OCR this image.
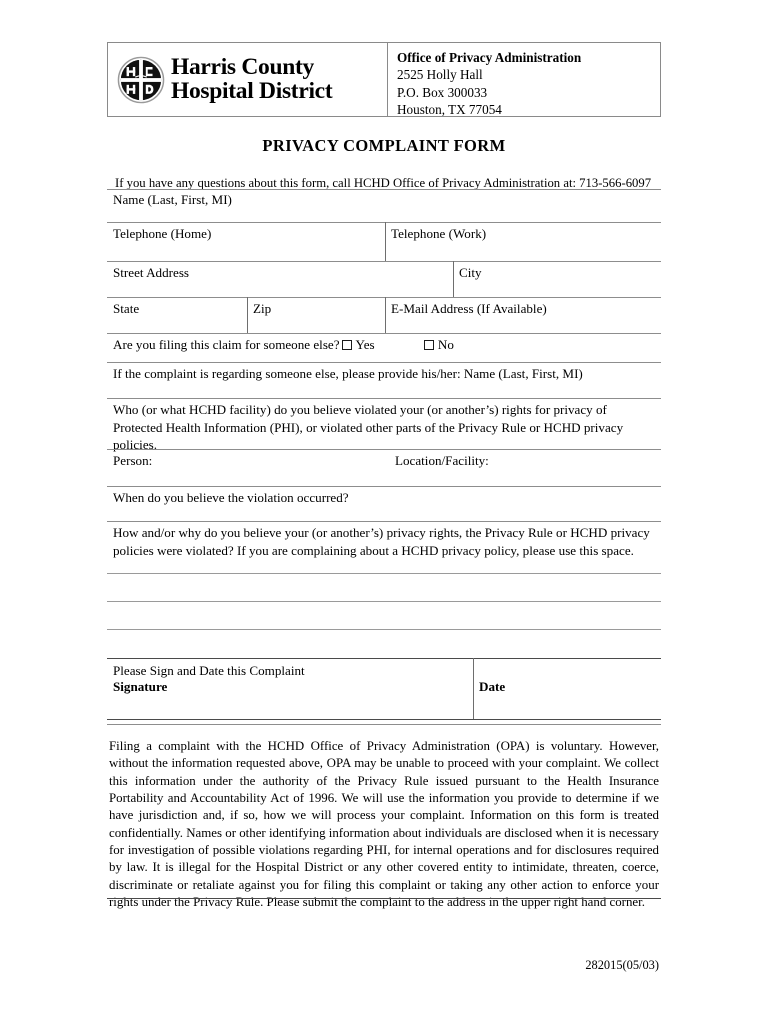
Harris County
Hospital District
Office of Privacy Administration
2525 Holly Hall
P.O. Box 300033
Houston, TX 77054
PRIVACY COMPLAINT FORM
If you have any questions about this form, call HCHD Office of Privacy Administration at: 713-566-6097
Name (Last, First, MI)
Telephone (Home)	Telephone (Work)
Street Address	City
State	Zip	E-Mail Address (If Available)
Are you filing this claim for someone else? Yes	No
If the complaint is regarding someone else, please provide his/her: Name (Last, First, MI)
Who (or what HCHD facility) do you believe violated your (or another’s) rights for privacy of Protected Health Information (PHI), or violated other parts of the Privacy Rule or HCHD privacy policies.
Person:	Location/Facility:
When do you believe the violation occurred?
How and/or why do you believe your (or another’s) privacy rights, the Privacy Rule or HCHD privacy policies were violated? If you are complaining about a HCHD privacy policy, please use this space.
Please Sign and Date this Complaint
Signature	Date
Filing a complaint with the HCHD Office of Privacy Administration (OPA) is voluntary. However, without the information requested above, OPA may be unable to proceed with your complaint. We collect this information under the authority of the Privacy Rule issued pursuant to the Health Insurance Portability and Accountability Act of 1996. We will use the information you provide to determine if we have jurisdiction and, if so, how we will process your complaint. Information on this form is treated confidentially. Names or other identifying information about individuals are disclosed when it is necessary for investigation of possible violations regarding PHI, for internal operations and for disclosures required by law. It is illegal for the Hospital District or any other covered entity to intimidate, threaten, coerce, discriminate or retaliate against you for filing this complaint or taking any other action to enforce your rights under the Privacy Rule. Please submit the complaint to the address in the upper right hand corner.
282015(05/03)
